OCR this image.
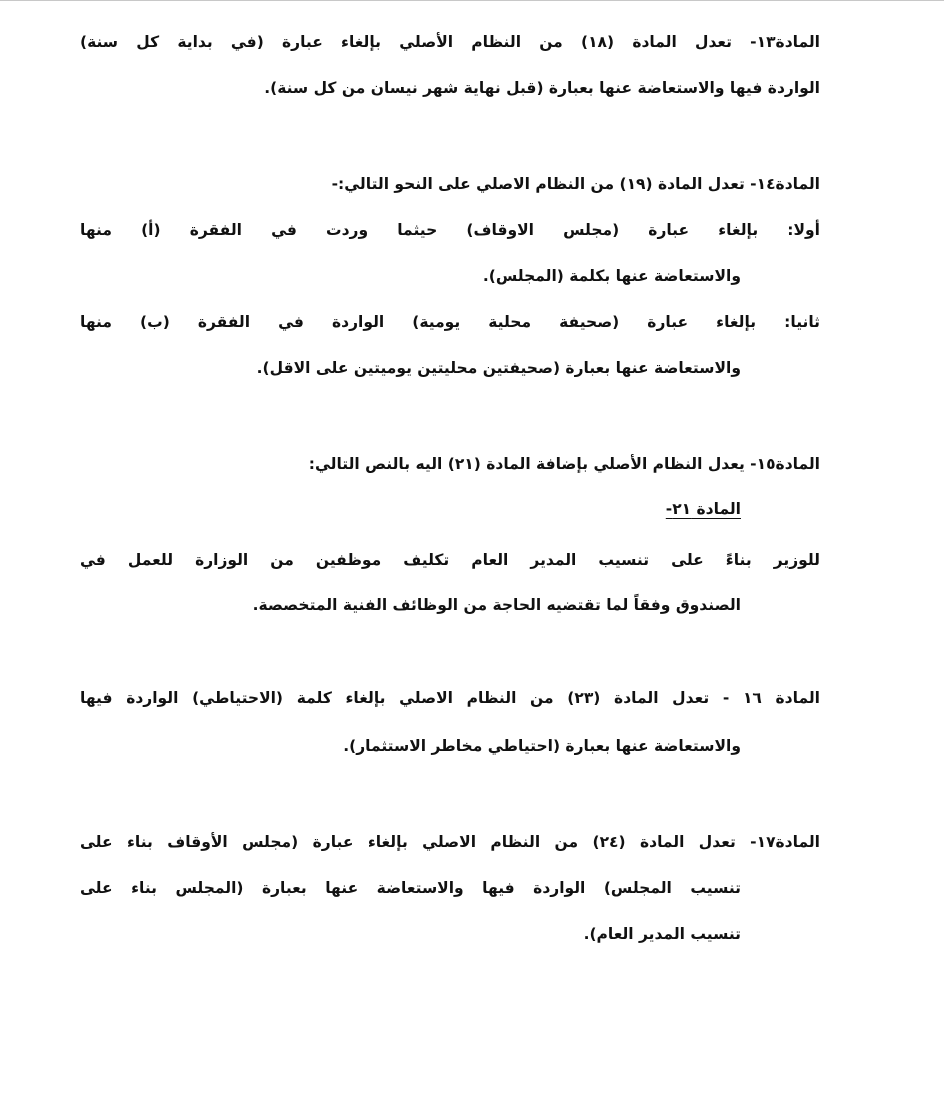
المادة١٣- تعدل المادة (١٨) من النظام الأصلي بإلغاء عبارة (في بداية كل سنة)
الواردة فيها والاستعاضة عنها بعبارة (قبل نهاية شهر نيسان من كل سنة).
المادة١٤- تعدل المادة (١٩) من النظام الاصلي على النحو التالي:-
أولا: بإلغاء عبارة (مجلس الاوقاف) حيثما وردت في الفقرة (أ) منها
والاستعاضة عنها بكلمة (المجلس).
ثانيا: بإلغاء عبارة (صحيفة محلية يومية) الواردة في الفقرة (ب) منها
والاستعاضة عنها بعبارة (صحيفتين محليتين يوميتين على الاقل).
المادة١٥- يعدل النظام الأصلي بإضافة المادة (٢١) اليه بالنص التالي:
المادة ٢١-
للوزير بناءً على تنسيب المدير العام تكليف موظفين من الوزارة للعمل في
الصندوق وفقاً لما تقتضيه الحاجة من الوظائف الفنية المتخصصة.
المادة ١٦ - تعدل المادة (٢٣) من النظام الاصلي بإلغاء كلمة (الاحتياطي) الواردة فيها
والاستعاضة عنها بعبارة (احتياطي مخاطر الاستثمار).
المادة١٧- تعدل المادة (٢٤) من النظام الاصلي بإلغاء عبارة (مجلس الأوقاف بناء على
تنسيب المجلس) الواردة فيها والاستعاضة عنها بعبارة (المجلس بناء على
تنسيب المدير العام).
